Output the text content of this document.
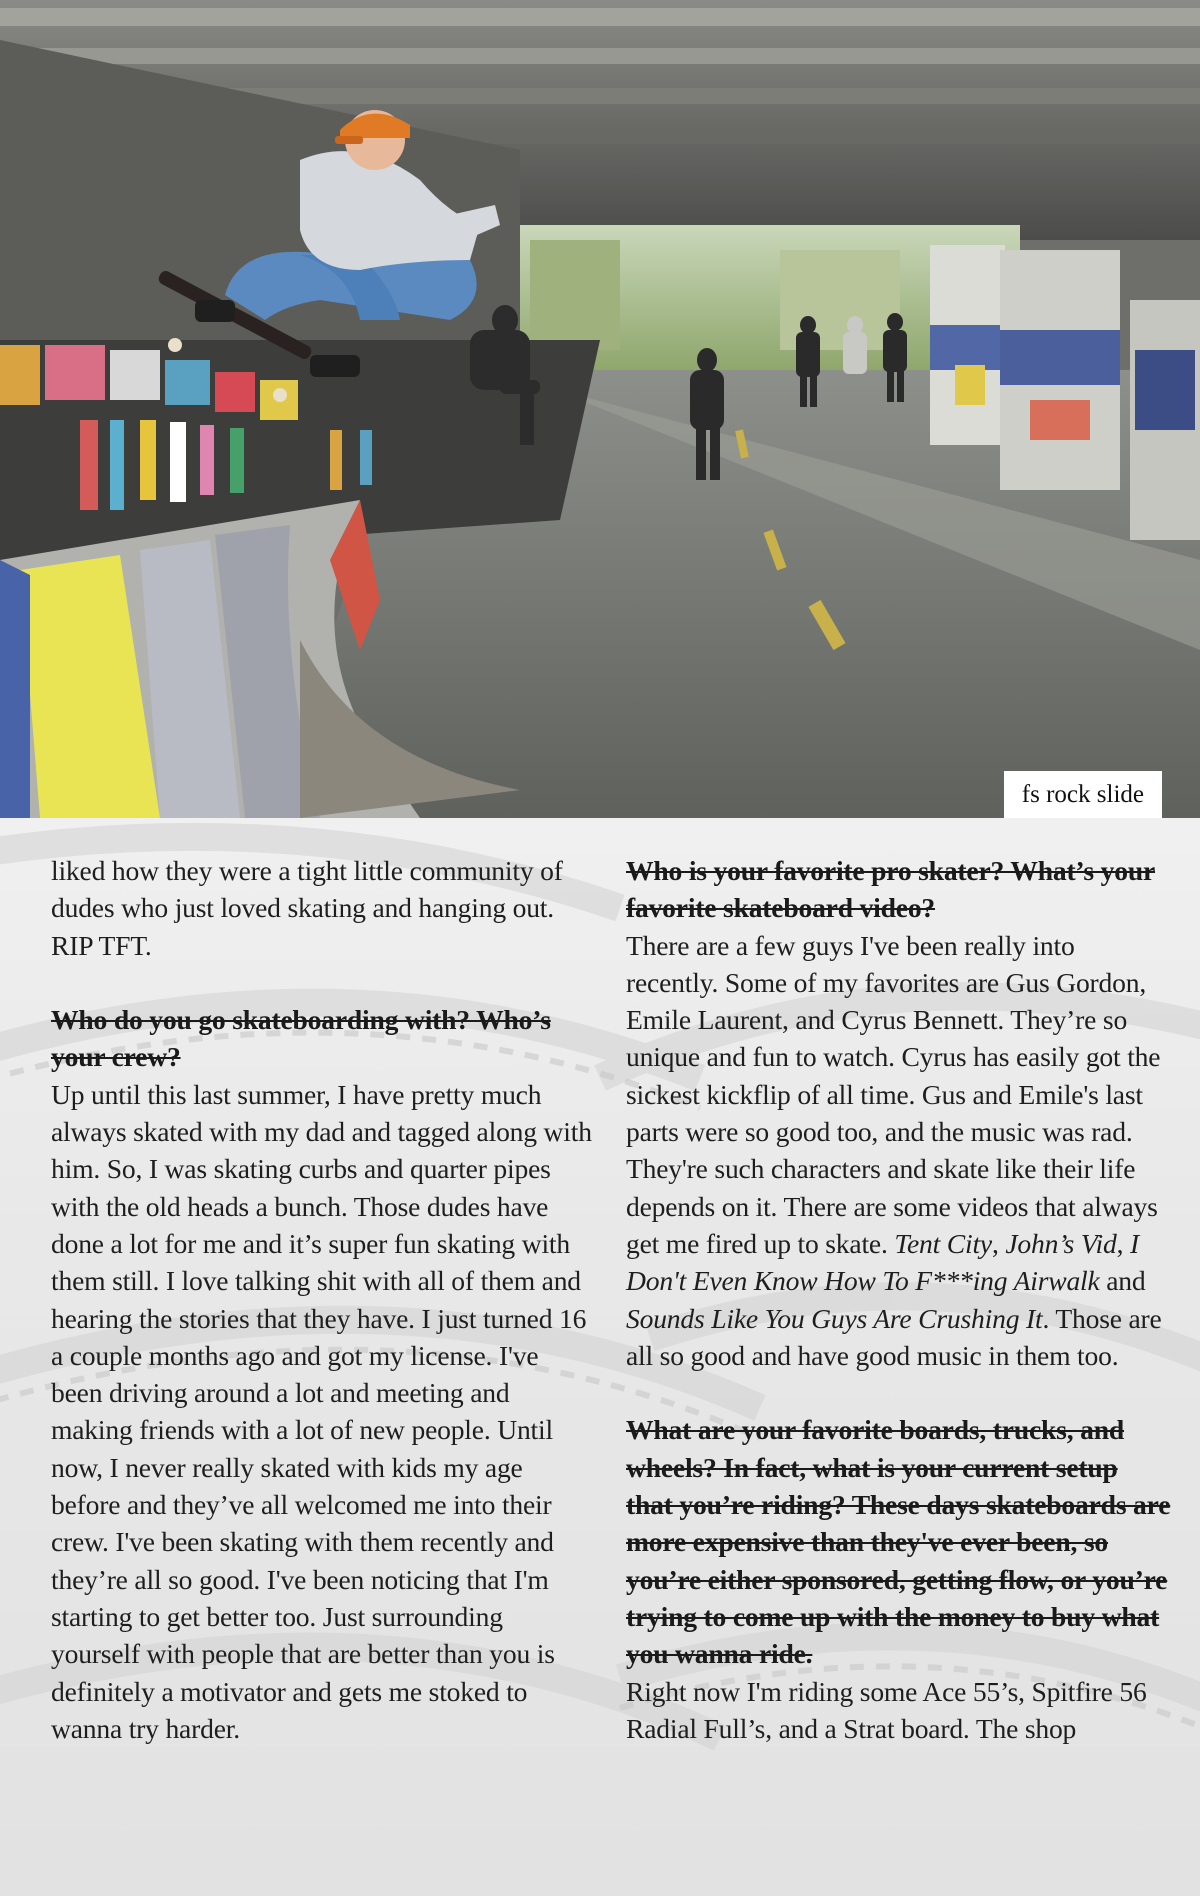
fs rock slide

liked how they were a tight little community of dudes who just loved skating and hanging out. RIP TFT.

Who do you go skateboarding with? Who’s your crew?

Up until this last summer, I have pretty much always skated with my dad and tagged along with him. So, I was skating curbs and quarter pipes with the old heads a bunch. Those dudes have done a lot for me and it’s super fun skating with them still. I love talking shit with all of them and hearing the stories that they have. I just turned 16 a couple months ago and got my license. I've been driving around a lot and meeting and making friends with a lot of new people. Until now, I never really skated with kids my age before and they’ve all welcomed me into their crew. I've been skating with them recently and they’re all so good. I've been noticing that I'm starting to get better too. Just surrounding yourself with people that are better than you is definitely a motivator and gets me stoked to wanna try harder.

Who is your favorite pro skater? What’s your favorite skateboard video?

There are a few guys I've been really into recently. Some of my favorites are Gus Gordon, Emile Laurent, and Cyrus Bennett. They’re so unique and fun to watch. Cyrus has easily got the sickest kickflip of all time. Gus and Emile's last parts were so good too, and the music was rad. They're such characters and skate like their life depends on it. There are some videos that always get me fired up to skate. Tent City, John’s Vid, I Don't Even Know How To F***ing Airwalk and Sounds Like You Guys Are Crushing It. Those are all so good and have good music in them too.

What are your favorite boards, trucks, and wheels? In fact, what is your current setup that you’re riding? These days skateboards are more expensive than they've ever been, so you’re either sponsored, getting flow, or you’re trying to come up with the money to buy what you wanna ride.

Right now I'm riding some Ace 55’s, Spitfire 56 Radial Full’s, and a Strat board. The shop
